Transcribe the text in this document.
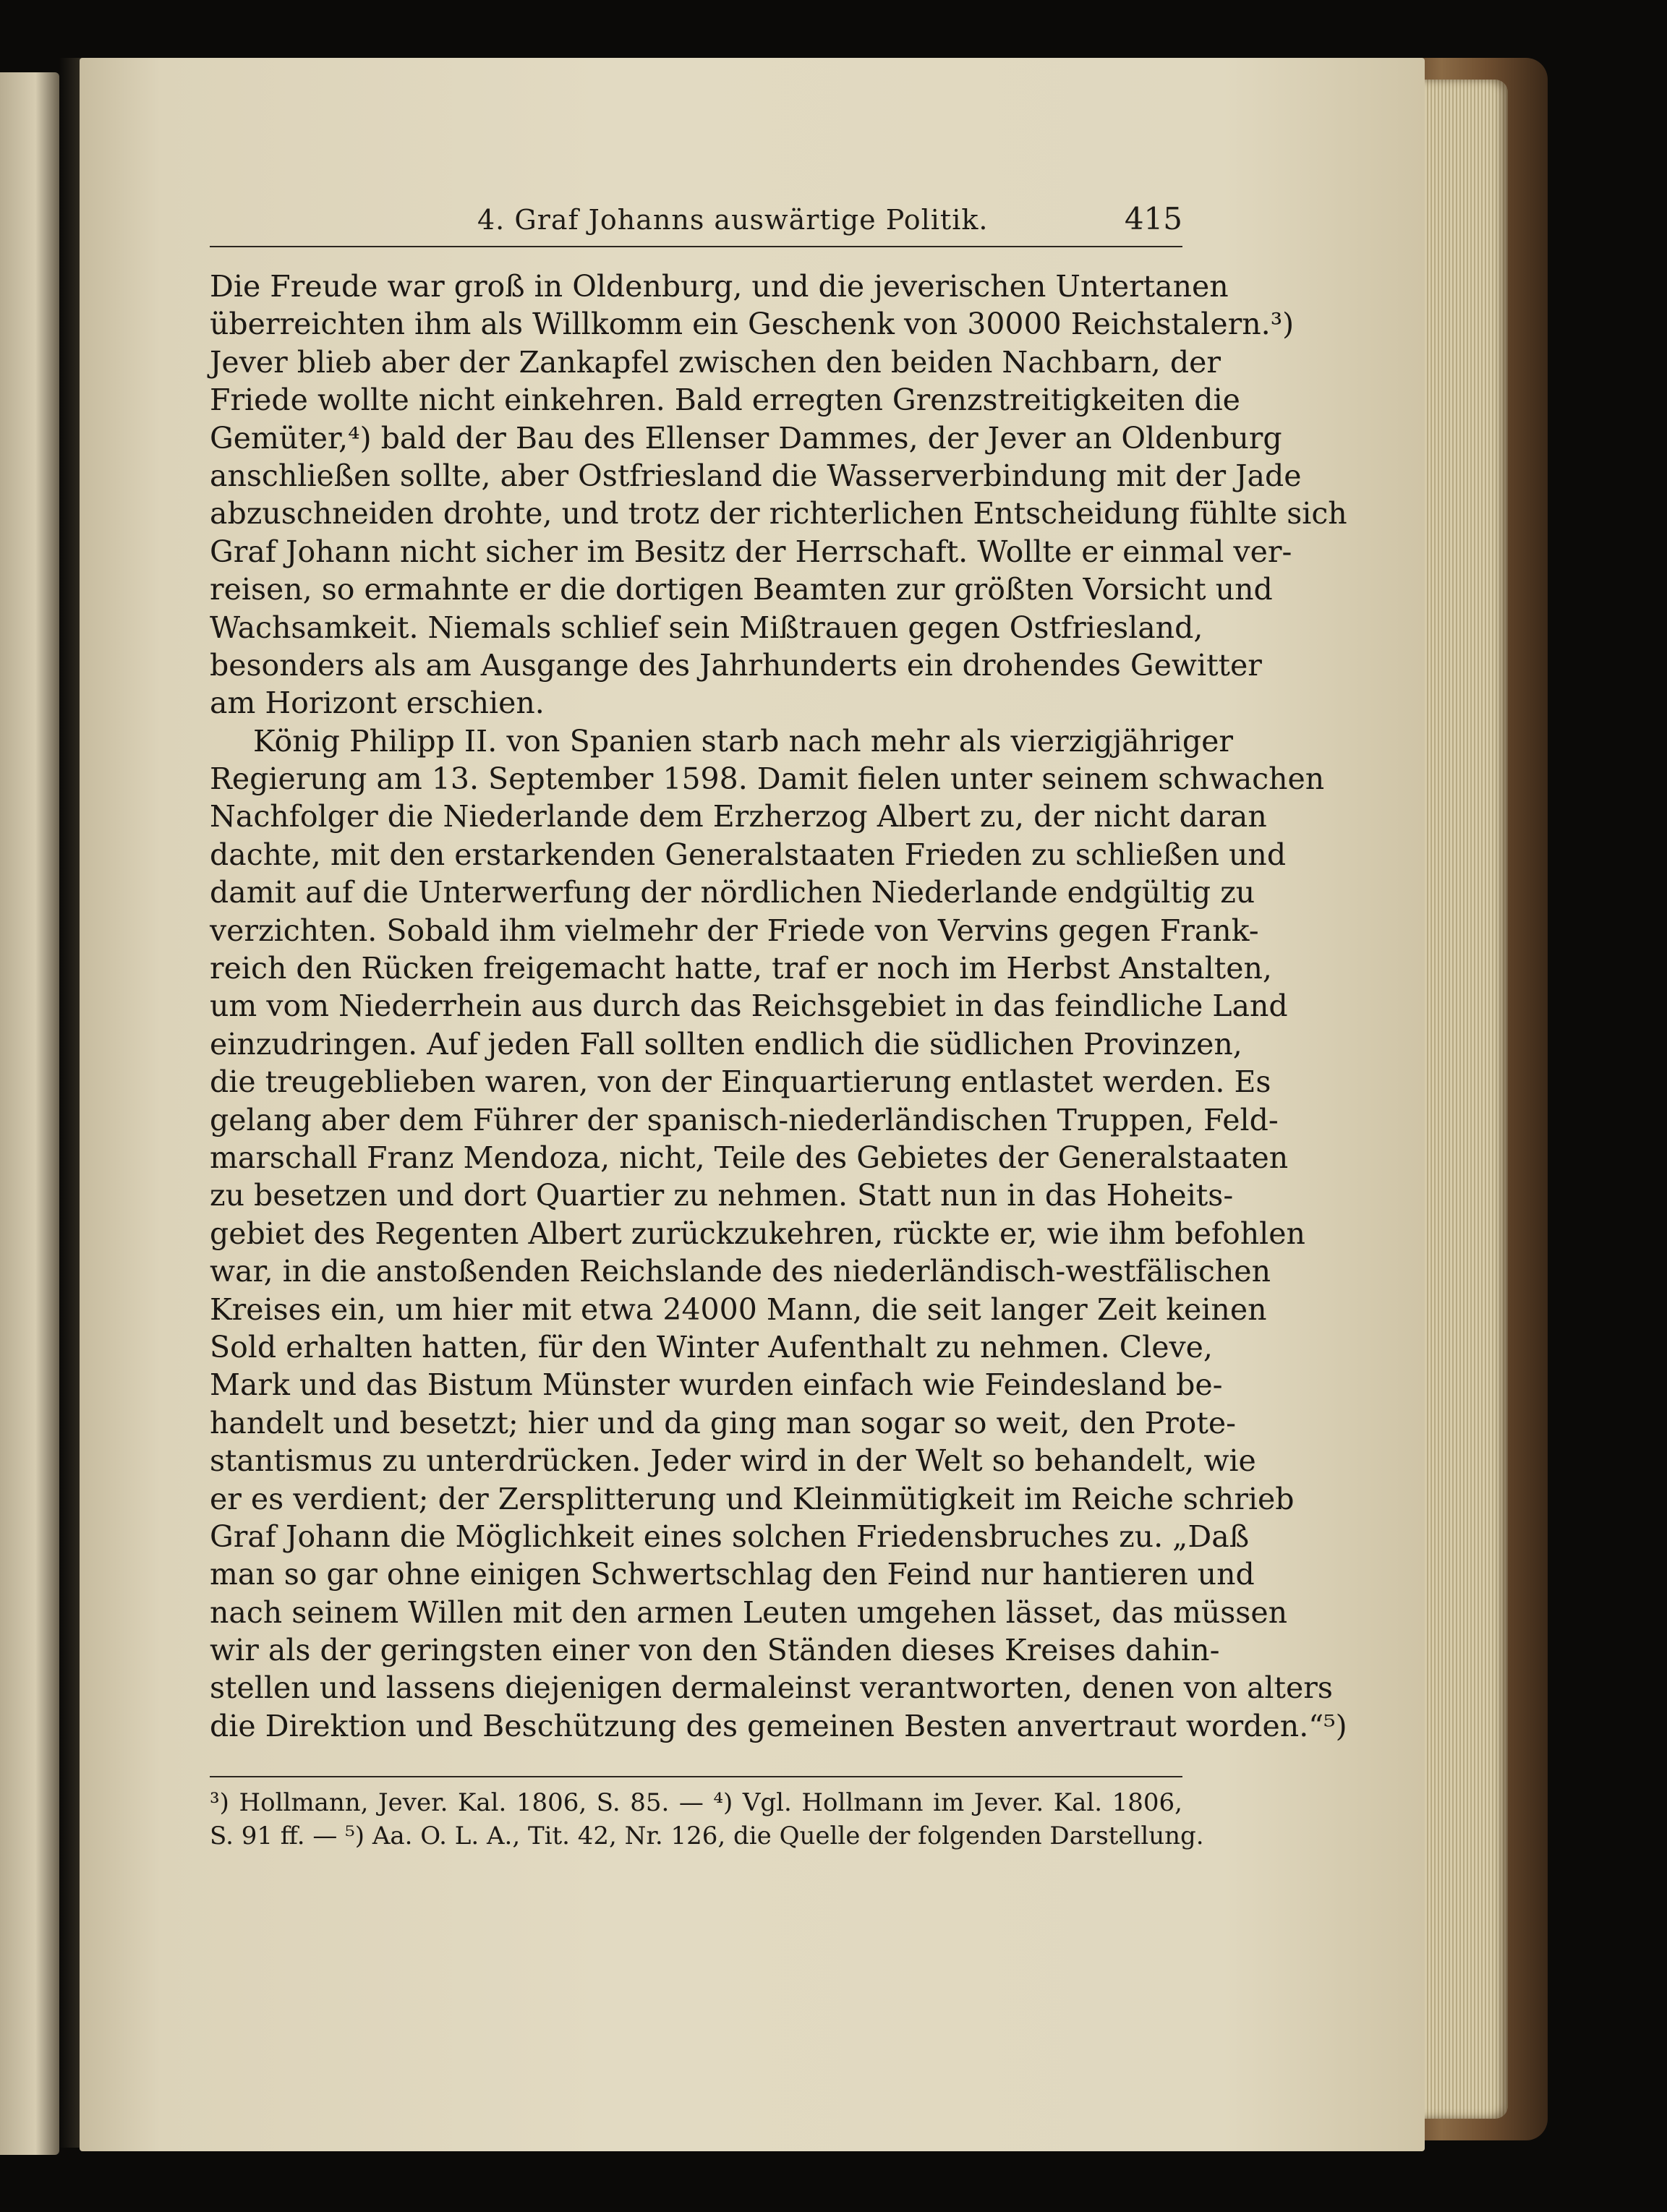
4. Graf Johanns auswärtige Politik.	415
Die Freude war groß in Oldenburg, und die jeverischen Untertanen
überreichten ihm als Willkomm ein Geschenk von 30000 Reichstalern.³)
Jever blieb aber der Zankapfel zwischen den beiden Nachbarn, der
Friede wollte nicht einkehren. Bald erregten Grenzstreitigkeiten die
Gemüter,⁴) bald der Bau des Ellenser Dammes, der Jever an Oldenburg
anschließen sollte, aber Ostfriesland die Wasserverbindung mit der Jade
abzuschneiden drohte, und trotz der richterlichen Entscheidung fühlte sich
Graf Johann nicht sicher im Besitz der Herrschaft. Wollte er einmal ver-
reisen, so ermahnte er die dortigen Beamten zur größten Vorsicht und
Wachsamkeit. Niemals schlief sein Mißtrauen gegen Ostfriesland,
besonders als am Ausgange des Jahrhunderts ein drohendes Gewitter
am Horizont erschien.
König Philipp II. von Spanien starb nach mehr als vierzigjähriger
Regierung am 13. September 1598. Damit fielen unter seinem schwachen
Nachfolger die Niederlande dem Erzherzog Albert zu, der nicht daran
dachte, mit den erstarkenden Generalstaaten Frieden zu schließen und
damit auf die Unterwerfung der nördlichen Niederlande endgültig zu
verzichten. Sobald ihm vielmehr der Friede von Vervins gegen Frank-
reich den Rücken freigemacht hatte, traf er noch im Herbst Anstalten,
um vom Niederrhein aus durch das Reichsgebiet in das feindliche Land
einzudringen. Auf jeden Fall sollten endlich die südlichen Provinzen,
die treugeblieben waren, von der Einquartierung entlastet werden. Es
gelang aber dem Führer der spanisch-niederländischen Truppen, Feld-
marschall Franz Mendoza, nicht, Teile des Gebietes der Generalstaaten
zu besetzen und dort Quartier zu nehmen. Statt nun in das Hoheits-
gebiet des Regenten Albert zurückzukehren, rückte er, wie ihm befohlen
war, in die anstoßenden Reichslande des niederländisch-westfälischen
Kreises ein, um hier mit etwa 24000 Mann, die seit langer Zeit keinen
Sold erhalten hatten, für den Winter Aufenthalt zu nehmen. Cleve,
Mark und das Bistum Münster wurden einfach wie Feindesland be-
handelt und besetzt; hier und da ging man sogar so weit, den Prote-
stantismus zu unterdrücken. Jeder wird in der Welt so behandelt, wie
er es verdient; der Zersplitterung und Kleinmütigkeit im Reiche schrieb
Graf Johann die Möglichkeit eines solchen Friedensbruches zu. „Daß
man so gar ohne einigen Schwertschlag den Feind nur hantieren und
nach seinem Willen mit den armen Leuten umgehen lässet, das müssen
wir als der geringsten einer von den Ständen dieses Kreises dahin-
stellen und lassens diejenigen dermaleinst verantworten, denen von alters
die Direktion und Beschützung des gemeinen Besten anvertraut worden.“⁵)
³) Hollmann, Jever. Kal. 1806, S. 85. — ⁴) Vgl. Hollmann im Jever. Kal. 1806,
S. 91 ff. — ⁵) Aa. O. L. A., Tit. 42, Nr. 126, die Quelle der folgenden Darstellung.
